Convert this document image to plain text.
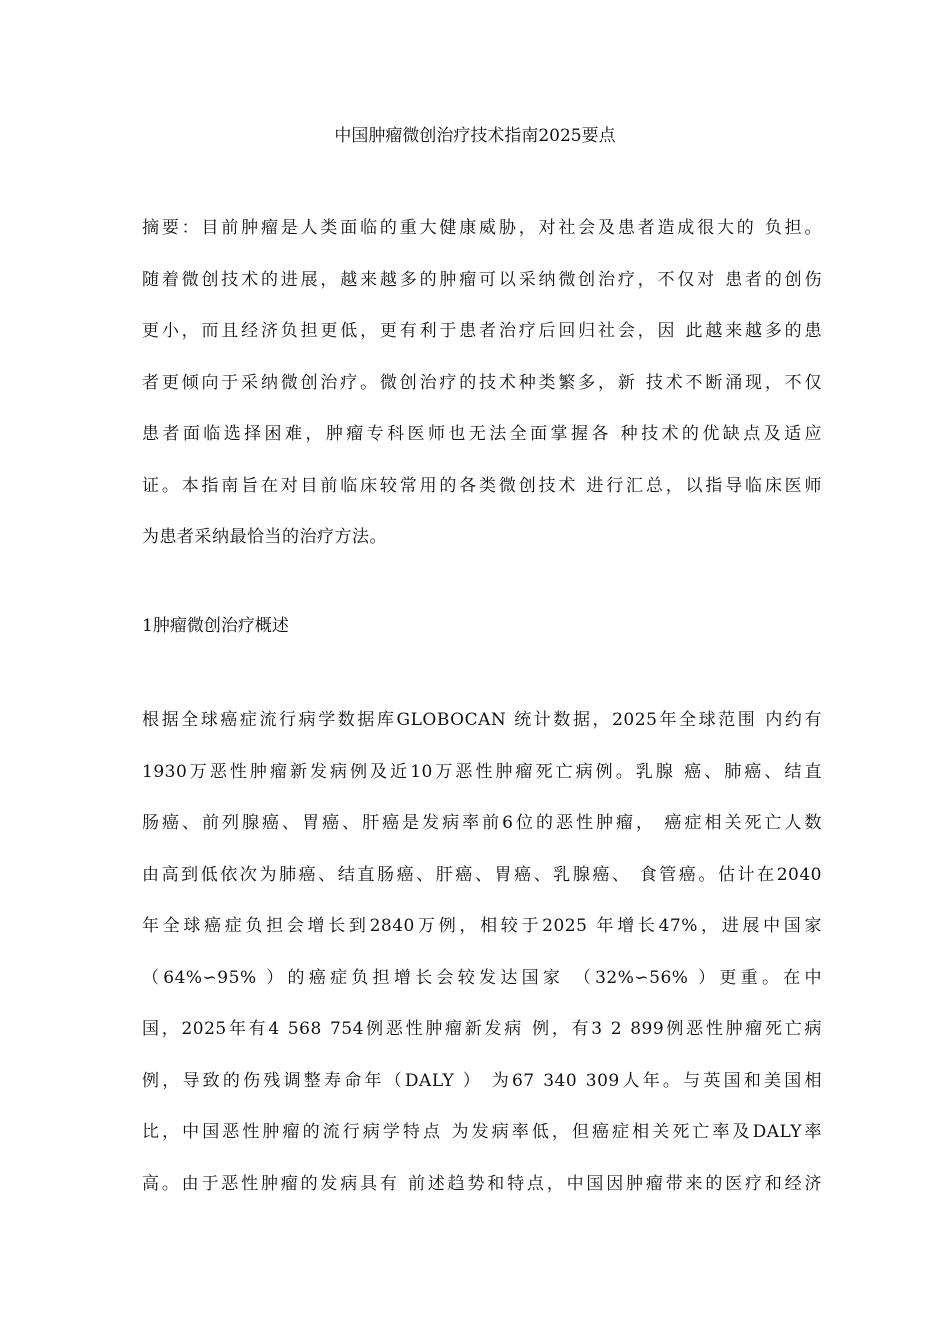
中国肿瘤微创治疗技术指南2025要点
摘要：目前肿瘤是人类面临的重大健康威胁，对社会及患者造成很大的 负担。
随着微创技术的进展，越来越多的肿瘤可以采纳微创治疗，不仅对 患者的创伤
更小，而且经济负担更低，更有利于患者治疗后回归社会，因 此越来越多的患
者更倾向于采纳微创治疗。微创治疗的技术种类繁多，新 技术不断涌现，不仅
患者面临选择困难，肿瘤专科医师也无法全面掌握各 种技术的优缺点及适应
证。本指南旨在对目前临床较常用的各类微创技术 进行汇总，以指导临床医师
为患者采纳最恰当的治疗方法。
1肿瘤微创治疗概述
根据全球癌症流行病学数据库GLOBOCAN 统计数据，2025年全球范围 内约有
1930万恶性肿瘤新发病例及近10万恶性肿瘤死亡病例。乳腺 癌、肺癌、结直
肠癌、前列腺癌、胃癌、肝癌是发病率前6位的恶性肿瘤， 癌症相关死亡人数
由高到低依次为肺癌、结直肠癌、肝癌、胃癌、乳腺癌、 食管癌。估计在2040
年全球癌症负担会增长到2840万例，相较于2025 年增长47%，进展中国家
（64%∽95% ）的癌症负担增长会较发达国家 （32%∽56% ）更重。在中
国，2025年有4 568 754例恶性肿瘤新发病 例，有3 2 899例恶性肿瘤死亡病
例，导致的伤残调整寿命年（DALY ） 为67 340 309人年。与英国和美国相
比，中国恶性肿瘤的流行病学特点 为发病率低，但癌症相关死亡率及DALY率
高。由于恶性肿瘤的发病具有 前述趋势和特点，中国因肿瘤带来的医疗和经济
